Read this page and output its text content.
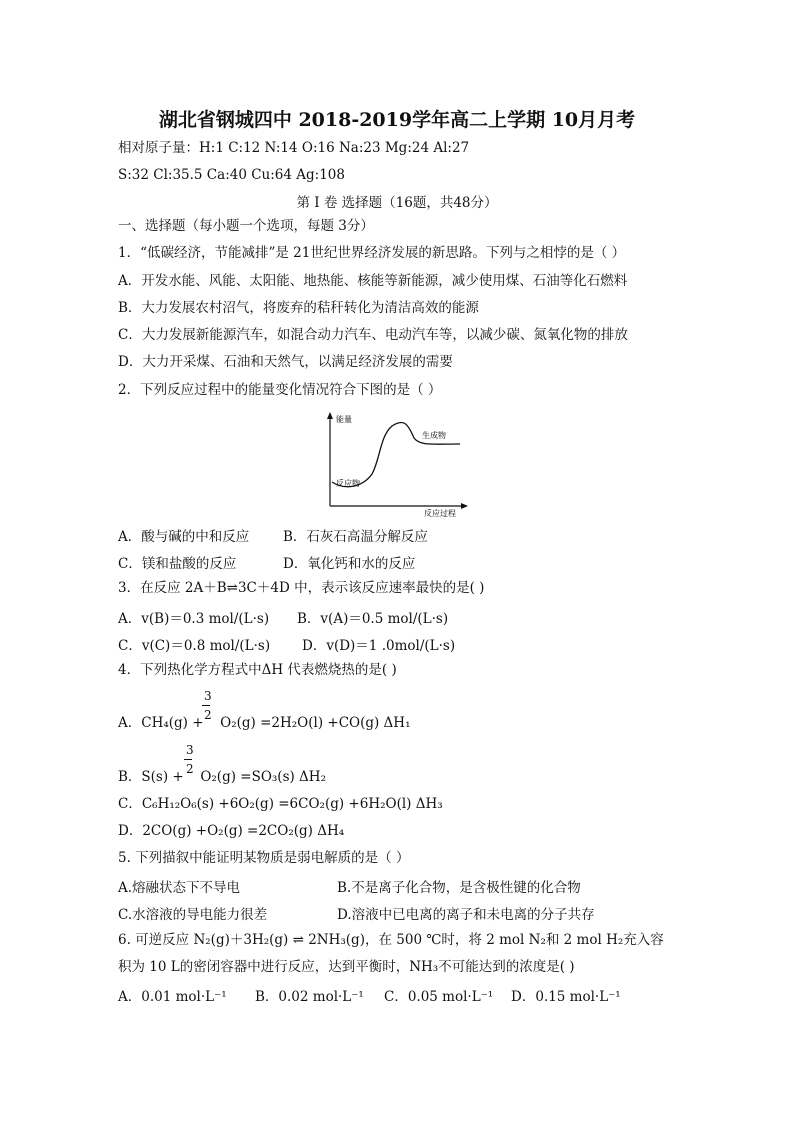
湖北省钢城四中 2018-2019学年高二上学期 10月月考
相对原子量：H:1 C:12 N:14 O:16 Na:23 Mg:24 Al:27
S:32 Cl:35.5 Ca:40 Cu:64 Ag:108
第 I 卷 选择题（16题，共48分）
一、选择题（每小题一个选项，每题 3分）
1．“低碳经济，节能减排”是 21世纪世界经济发展的新思路。下列与之相悖的是（ ）
A．开发水能、风能、太阳能、地热能、核能等新能源，减少使用煤、石油等化石燃料
B．大力发展农村沼气，将废弃的秸秆转化为清洁高效的能源
C．大力发展新能源汽车，如混合动力汽车、电动汽车等，以减少碳、氮氧化物的排放
D．大力开采煤、石油和天然气，以满足经济发展的需要
2．下列反应过程中的能量变化情况符合下图的是（ ）
能量
反应物
生成物
反应过程
A．酸与碱的中和反应	B．石灰石高温分解反应
C．镁和盐酸的反应	D．氧化钙和水的反应
3．在反应 2A＋B⇌3C＋4D 中，表示该反应速率最快的是( )
A．v(B)＝0.3 mol/(L·s) B．v(A)＝0.5 mol/(L·s)
C．v(C)＝0.8 mol/(L·s) D．v(D)＝1 .0mol/(L·s)
4．下列热化学方程式中ΔH 代表燃烧热的是( )
3
2
A．CH₄(g) +  O₂(g) =2H₂O(l) +CO(g) ΔH₁
3
2
B．S(s) +  O₂(g) =SO₃(s) ΔH₂
C．C₆H₁₂O₆(s) +6O₂(g) =6CO₂(g) +6H₂O(l) ΔH₃
D．2CO(g) +O₂(g) =2CO₂(g) ΔH₄
5. 下列描叙中能证明某物质是弱电解质的是（ ）
A.熔融状态下不导电	B.不是离子化合物，是含极性键的化合物
C.水溶液的导电能力很差	D.溶液中已电离的离子和未电离的分子共存
6. 可逆反应 N₂(g)＋3H₂(g) ⇌ 2NH₃(g)，在 500 ℃时，将 2 mol N₂和 2 mol H₂充入容
积为 10 L的密闭容器中进行反应，达到平衡时，NH₃不可能达到的浓度是( )
A．0.01 mol·L⁻¹ B．0.02 mol·L⁻¹ C．0.05 mol·L⁻¹ D．0.15 mol·L⁻¹
